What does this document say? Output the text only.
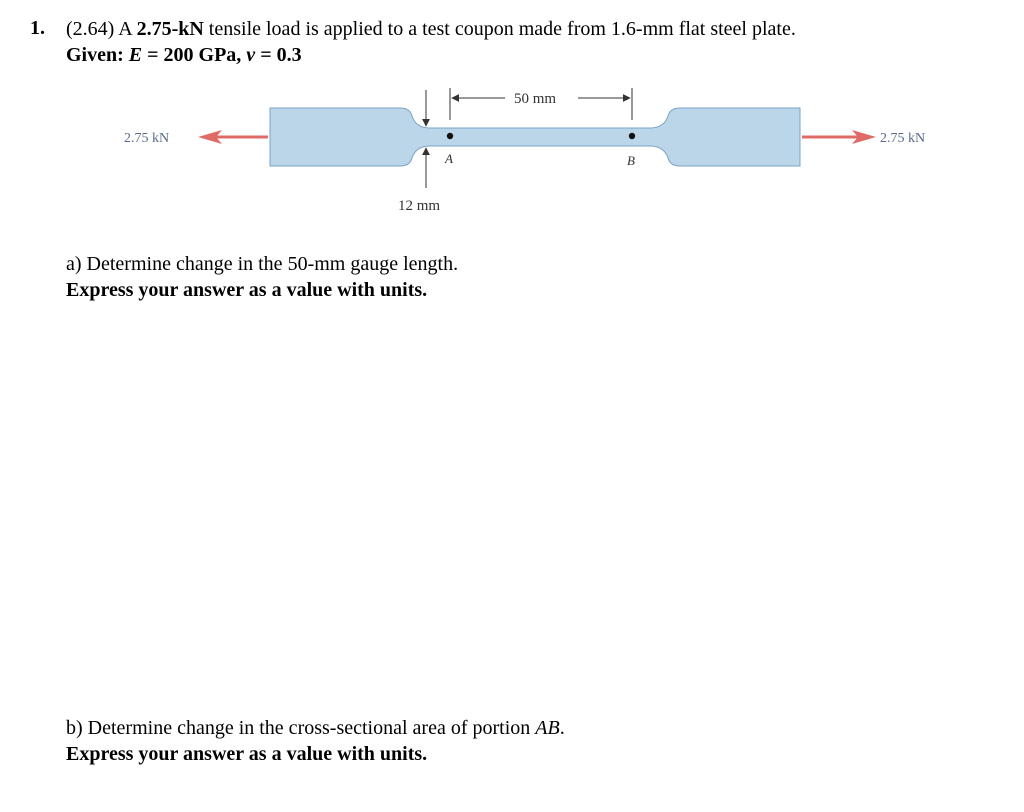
1. (2.64) A 2.75-kN tensile load is applied to a test coupon made from 1.6-mm flat steel plate.
Given: E = 200 GPa, v = 0.3
A	B
2.75 kN	2.75 kN
50 mm
12 mm
a) Determine change in the 50-mm gauge length.
Express your answer as a value with units.
b) Determine change in the cross-sectional area of portion AB.
Express your answer as a value with units.
